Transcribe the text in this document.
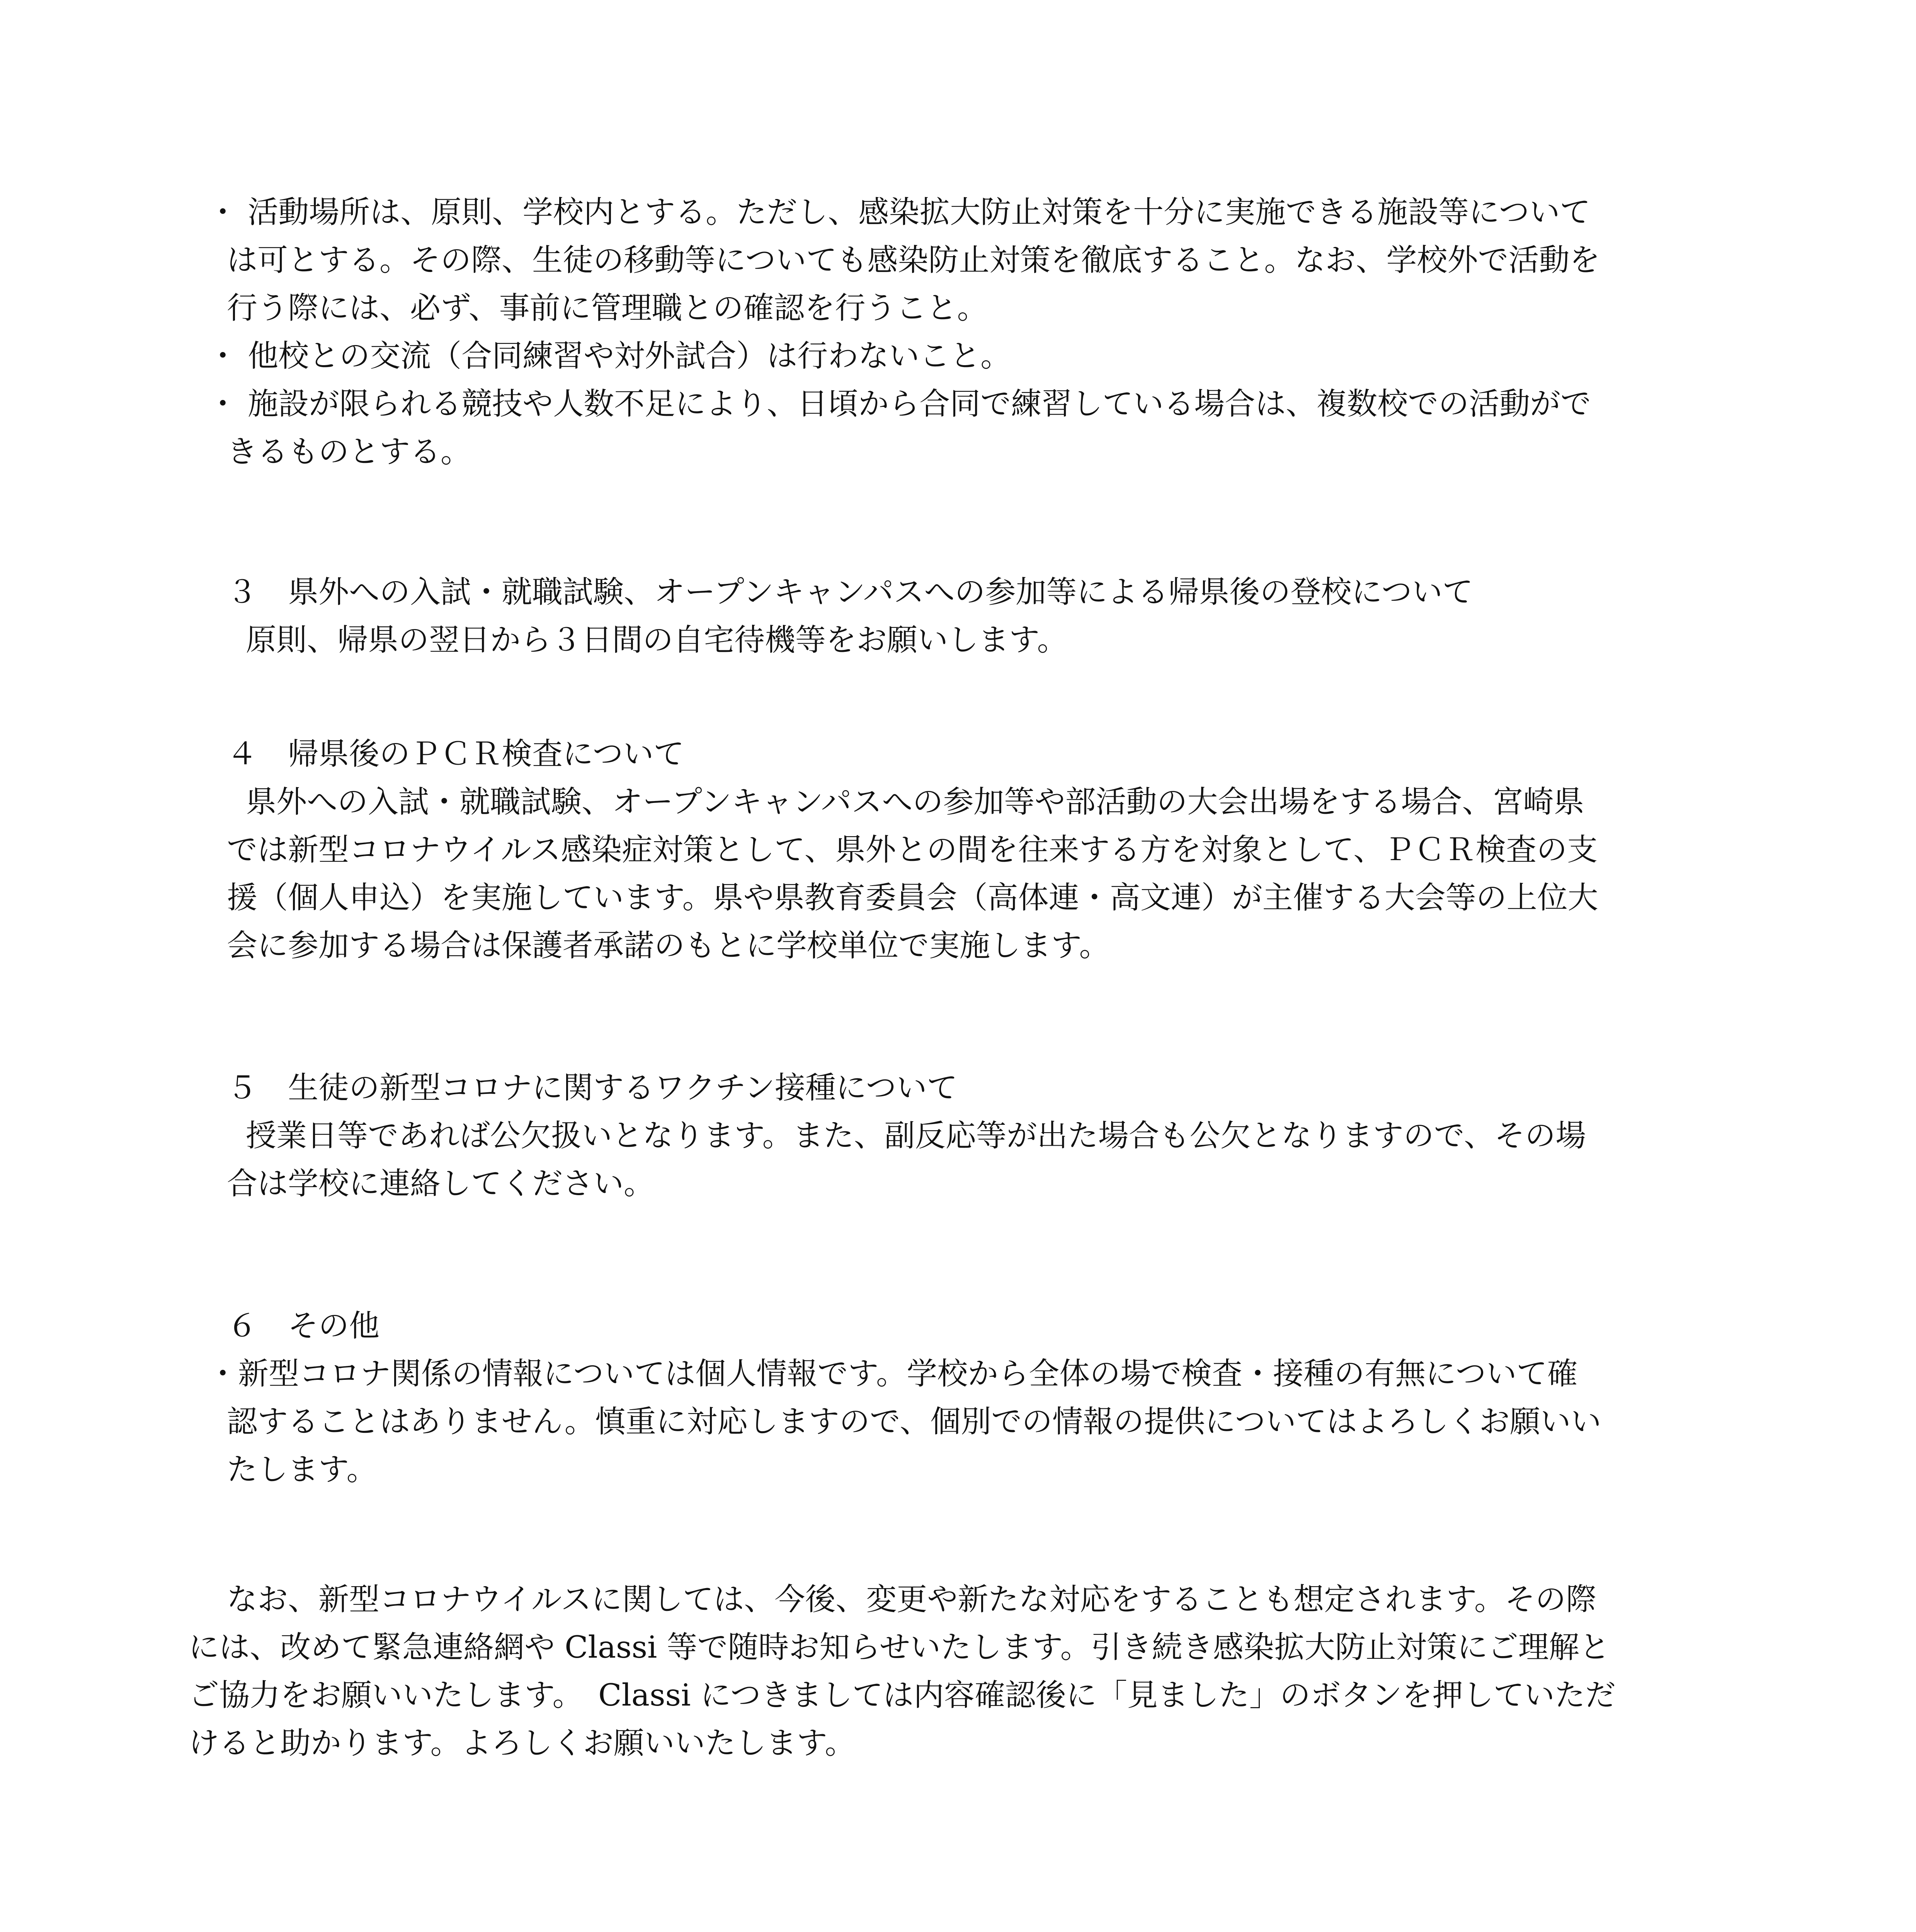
・ 活動場所は、原則、学校内とする。ただし、感染拡大防止対策を十分に実施できる施設等について
は可とする。その際、生徒の移動等についても感染防止対策を徹底すること。なお、学校外で活動を
行う際には、必ず、事前に管理職との確認を行うこと。
・ 他校との交流（合同練習や対外試合）は行わないこと。
・ 施設が限られる競技や人数不足により、日頃から合同で練習している場合は、複数校での活動がで
きるものとする。
３　県外への入試・就職試験、オープンキャンパスへの参加等による帰県後の登校について
原則、帰県の翌日から３日間の自宅待機等をお願いします。
４　帰県後のＰＣＲ検査について
県外への入試・就職試験、オープンキャンパスへの参加等や部活動の大会出場をする場合、宮崎県
では新型コロナウイルス感染症対策として、県外との間を往来する方を対象として、ＰＣＲ検査の支
援（個人申込）を実施しています。県や県教育委員会（高体連・高文連）が主催する大会等の上位大
会に参加する場合は保護者承諾のもとに学校単位で実施します。
５　生徒の新型コロナに関するワクチン接種について
授業日等であれば公欠扱いとなります。また、副反応等が出た場合も公欠となりますので、その場
合は学校に連絡してください。
６　その他
・新型コロナ関係の情報については個人情報です。学校から全体の場で検査・接種の有無について確
認することはありません。慎重に対応しますので、個別での情報の提供についてはよろしくお願いい
たします。
なお、新型コロナウイルスに関しては、今後、変更や新たな対応をすることも想定されます。その際
には、改めて緊急連絡網や Classi 等で随時お知らせいたします。引き続き感染拡大防止対策にご理解と
ご協力をお願いいたします。　Classi につきましては内容確認後に「見ました」のボタンを押していただ
けると助かります。よろしくお願いいたします。
